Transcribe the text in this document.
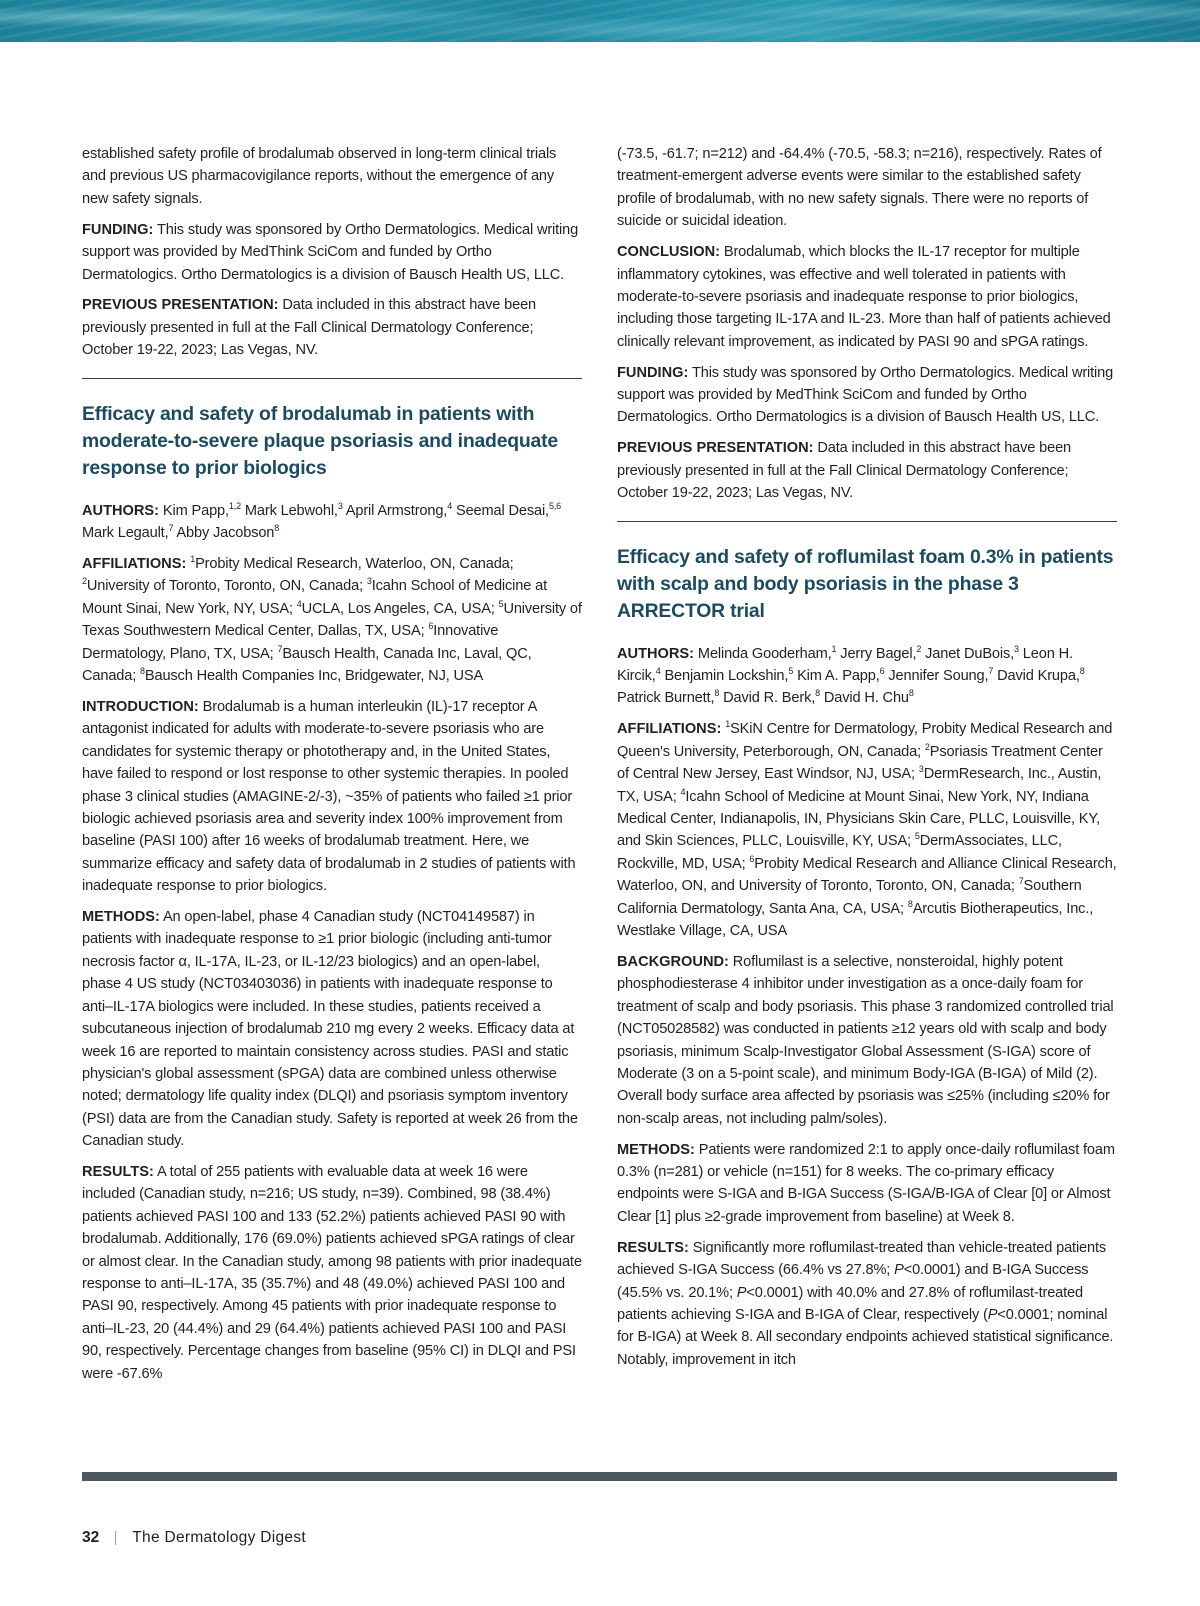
established safety profile of brodalumab observed in long-term clinical trials and previous US pharmacovigilance reports, without the emergence of any new safety signals.

FUNDING: This study was sponsored by Ortho Dermatologics. Medical writing support was provided by MedThink SciCom and funded by Ortho Dermatologics. Ortho Dermatologics is a division of Bausch Health US, LLC.

PREVIOUS PRESENTATION: Data included in this abstract have been previously presented in full at the Fall Clinical Dermatology Conference; October 19-22, 2023; Las Vegas, NV.

Efficacy and safety of brodalumab in patients with moderate-to-severe plaque psoriasis and inadequate response to prior biologics

AUTHORS: Kim Papp,$^{1,2}$ Mark Lebwohl,$^3$ April Armstrong,$^4$ Seemal Desai,$^{5,6}$ Mark Legault,$^7$ Abby Jacobson$^8$

AFFILIATIONS: $^1$Probity Medical Research, Waterloo, ON, Canada; $^2$University of Toronto, Toronto, ON, Canada; $^3$Icahn School of Medicine at Mount Sinai, New York, NY, USA; $^4$UCLA, Los Angeles, CA, USA; $^5$University of Texas Southwestern Medical Center, Dallas, TX, USA; $^6$Innovative Dermatology, Plano, TX, USA; $^7$Bausch Health, Canada Inc, Laval, QC, Canada; $^8$Bausch Health Companies Inc, Bridgewater, NJ, USA

INTRODUCTION: Brodalumab is a human interleukin (IL)-17 receptor A antagonist indicated for adults with moderate-to-severe psoriasis who are candidates for systemic therapy or phototherapy and, in the United States, have failed to respond or lost response to other systemic therapies. In pooled phase 3 clinical studies (AMAGINE-2/-3), ~35% of patients who failed ≥1 prior biologic achieved psoriasis area and severity index 100% improvement from baseline (PASI 100) after 16 weeks of brodalumab treatment. Here, we summarize efficacy and safety data of brodalumab in 2 studies of patients with inadequate response to prior biologics.

METHODS: An open-label, phase 4 Canadian study (NCT04149587) in patients with inadequate response to ≥1 prior biologic (including anti-tumor necrosis factor α, IL-17A, IL-23, or IL-12/23 biologics) and an open-label, phase 4 US study (NCT03403036) in patients with inadequate response to anti–IL-17A biologics were included. In these studies, patients received a subcutaneous injection of brodalumab 210 mg every 2 weeks. Efficacy data at week 16 are reported to maintain consistency across studies. PASI and static physician's global assessment (sPGA) data are combined unless otherwise noted; dermatology life quality index (DLQI) and psoriasis symptom inventory (PSI) data are from the Canadian study. Safety is reported at week 26 from the Canadian study.

RESULTS: A total of 255 patients with evaluable data at week 16 were included (Canadian study, n=216; US study, n=39). Combined, 98 (38.4%) patients achieved PASI 100 and 133 (52.2%) patients achieved PASI 90 with brodalumab. Additionally, 176 (69.0%) patients achieved sPGA ratings of clear or almost clear. In the Canadian study, among 98 patients with prior inadequate response to anti–IL-17A, 35 (35.7%) and 48 (49.0%) achieved PASI 100 and PASI 90, respectively. Among 45 patients with prior inadequate response to anti–IL-23, 20 (44.4%) and 29 (64.4%) patients achieved PASI 100 and PASI 90, respectively. Percentage changes from baseline (95% CI) in DLQI and PSI were -67.6%

(-73.5, -61.7; n=212) and -64.4% (-70.5, -58.3; n=216), respectively. Rates of treatment-emergent adverse events were similar to the established safety profile of brodalumab, with no new safety signals. There were no reports of suicide or suicidal ideation.

CONCLUSION: Brodalumab, which blocks the IL-17 receptor for multiple inflammatory cytokines, was effective and well tolerated in patients with moderate-to-severe psoriasis and inadequate response to prior biologics, including those targeting IL-17A and IL-23. More than half of patients achieved clinically relevant improvement, as indicated by PASI 90 and sPGA ratings.

FUNDING: This study was sponsored by Ortho Dermatologics. Medical writing support was provided by MedThink SciCom and funded by Ortho Dermatologics. Ortho Dermatologics is a division of Bausch Health US, LLC.

PREVIOUS PRESENTATION: Data included in this abstract have been previously presented in full at the Fall Clinical Dermatology Conference; October 19-22, 2023; Las Vegas, NV.

Efficacy and safety of roflumilast foam 0.3% in patients with scalp and body psoriasis in the phase 3 ARRECTOR trial

AUTHORS: Melinda Gooderham,$^1$ Jerry Bagel,$^2$ Janet DuBois,$^3$ Leon H. Kircik,$^4$ Benjamin Lockshin,$^5$ Kim A. Papp,$^6$ Jennifer Soung,$^7$ David Krupa,$^8$ Patrick Burnett,$^8$ David R. Berk,$^8$ David H. Chu$^8$

AFFILIATIONS: $^1$SKiN Centre for Dermatology, Probity Medical Research and Queen's University, Peterborough, ON, Canada; $^2$Psoriasis Treatment Center of Central New Jersey, East Windsor, NJ, USA; $^3$DermResearch, Inc., Austin, TX, USA; $^4$Icahn School of Medicine at Mount Sinai, New York, NY, Indiana Medical Center, Indianapolis, IN, Physicians Skin Care, PLLC, Louisville, KY, and Skin Sciences, PLLC, Louisville, KY, USA; $^5$DermAssociates, LLC, Rockville, MD, USA; $^6$Probity Medical Research and Alliance Clinical Research, Waterloo, ON, and University of Toronto, Toronto, ON, Canada; $^7$Southern California Dermatology, Santa Ana, CA, USA; $^8$Arcutis Biotherapeutics, Inc., Westlake Village, CA, USA

BACKGROUND: Roflumilast is a selective, nonsteroidal, highly potent phosphodiesterase 4 inhibitor under investigation as a once-daily foam for treatment of scalp and body psoriasis. This phase 3 randomized controlled trial (NCT05028582) was conducted in patients ≥12 years old with scalp and body psoriasis, minimum Scalp-Investigator Global Assessment (S-IGA) score of Moderate (3 on a 5-point scale), and minimum Body-IGA (B-IGA) of Mild (2). Overall body surface area affected by psoriasis was ≤25% (including ≤20% for non-scalp areas, not including palm/soles).

METHODS: Patients were randomized 2:1 to apply once-daily roflumilast foam 0.3% (n=281) or vehicle (n=151) for 8 weeks. The co-primary efficacy endpoints were S-IGA and B-IGA Success (S-IGA/B-IGA of Clear [0] or Almost Clear [1] plus ≥2-grade improvement from baseline) at Week 8.

RESULTS: Significantly more roflumilast-treated than vehicle-treated patients achieved S-IGA Success (66.4% vs 27.8%; P<0.0001) and B-IGA Success (45.5% vs. 20.1%; P<0.0001) with 40.0% and 27.8% of roflumilast-treated patients achieving S-IGA and B-IGA of Clear, respectively (P<0.0001; nominal for B-IGA) at Week 8. All secondary endpoints achieved statistical significance. Notably, improvement in itch

32 The Dermatology Digest
